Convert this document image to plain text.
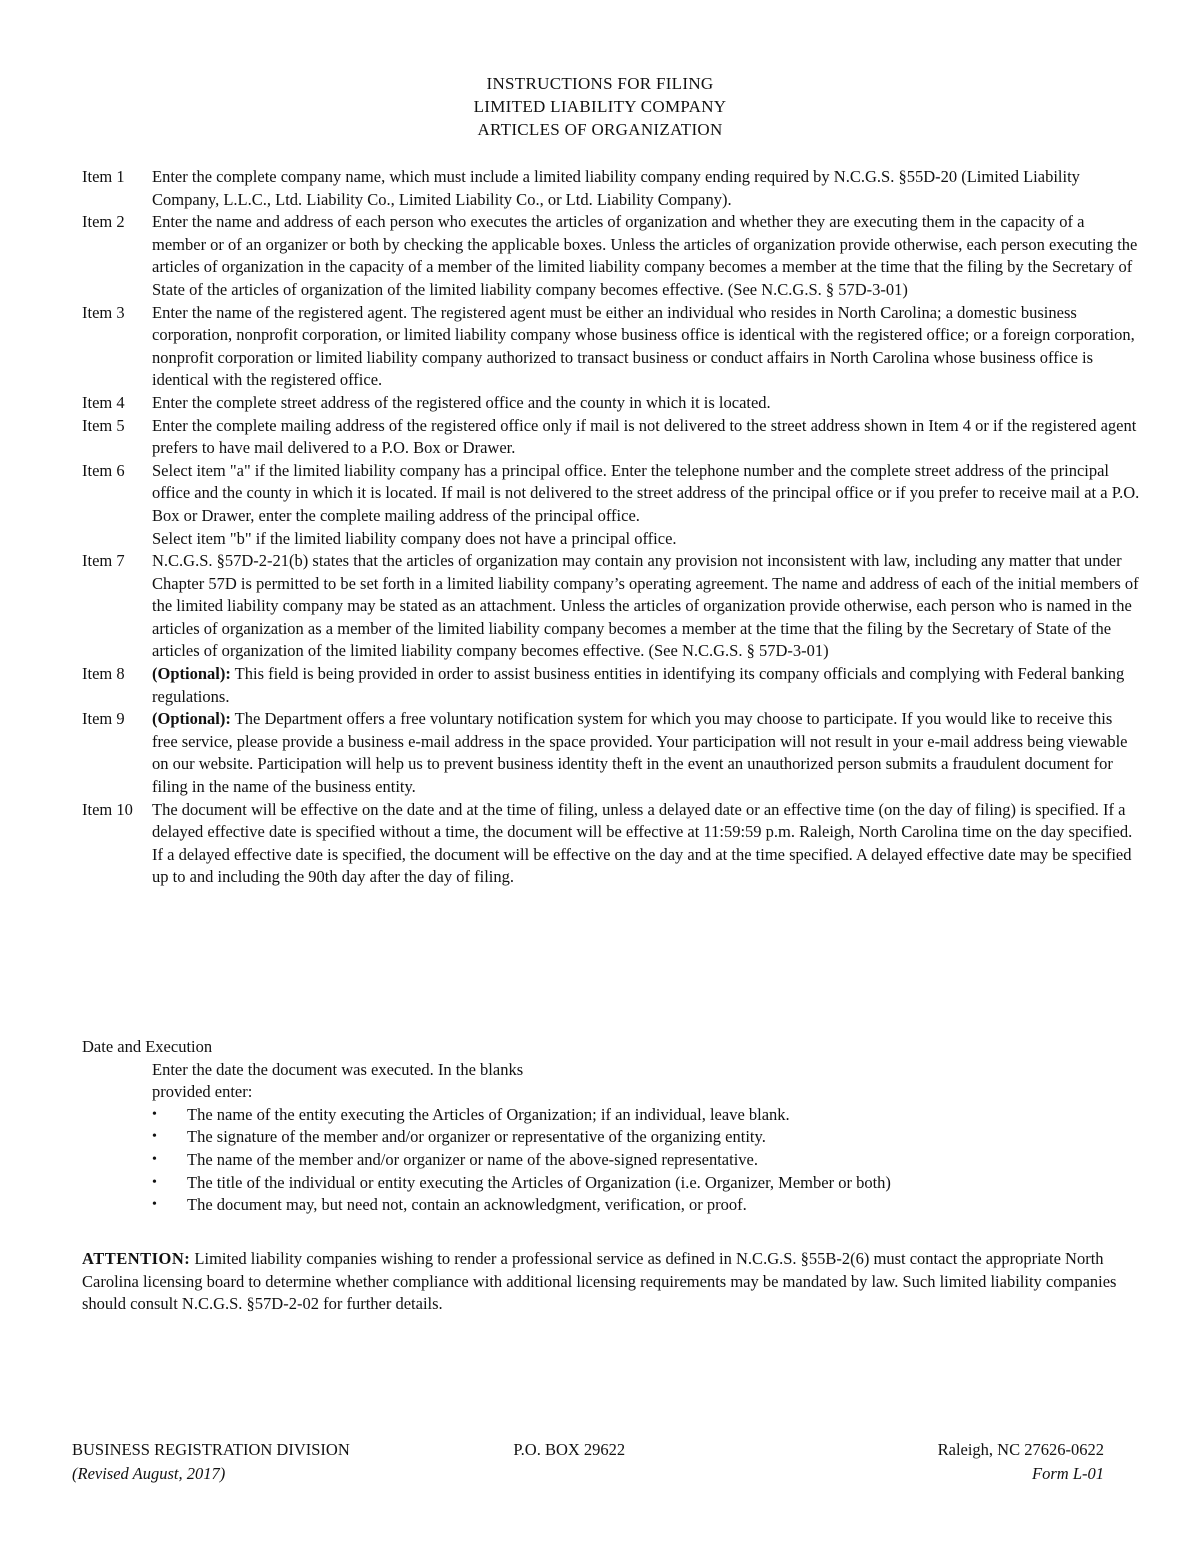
INSTRUCTIONS FOR FILING
LIMITED LIABILITY COMPANY
ARTICLES OF ORGANIZATION
Item 1	Enter the complete company name, which must include a limited liability company ending required by N.C.G.S. §55D-20 (Limited Liability Company, L.L.C., Ltd. Liability Co., Limited Liability Co., or Ltd. Liability Company).

Item 2	Enter the name and address of each person who executes the articles of organization and whether they are executing them in the capacity of a member or of an organizer or both by checking the applicable boxes. Unless the articles of organization provide otherwise, each person executing the articles of organization in the capacity of a member of the limited liability company becomes a member at the time that the filing by the Secretary of State of the articles of organization of the limited liability company becomes effective. (See N.C.G.S. § 57D-3-01)

Item 3	Enter the name of the registered agent. The registered agent must be either an individual who resides in North Carolina; a domestic business corporation, nonprofit corporation, or limited liability company whose business office is identical with the registered office; or a foreign corporation, nonprofit corporation or limited liability company authorized to transact business or conduct affairs in North Carolina whose business office is identical with the registered office.

Item 4	Enter the complete street address of the registered office and the county in which it is located.

Item 5	Enter the complete mailing address of the registered office only if mail is not delivered to the street address shown in Item 4 or if the registered agent prefers to have mail delivered to a P.O. Box or Drawer.

Item 6	Select item "a" if the limited liability company has a principal office. Enter the telephone number and the complete street address of the principal office and the county in which it is located. If mail is not delivered to the street address of the principal office or if you prefer to receive mail at a P.O. Box or Drawer, enter the complete mailing address of the principal office.

Select item "b" if the limited liability company does not have a principal office.

Item 7	N.C.G.S. §57D-2-21(b) states that the articles of organization may contain any provision not inconsistent with law, including any matter that under Chapter 57D is permitted to be set forth in a limited liability company’s operating agreement. The name and address of each of the initial members of the limited liability company may be stated as an attachment. Unless the articles of organization provide otherwise, each person who is named in the articles of organization as a member of the limited liability company becomes a member at the time that the filing by the Secretary of State of the articles of organization of the limited liability company becomes effective. (See N.C.G.S. § 57D-3-01)

Item 8	(Optional): This field is being provided in order to assist business entities in identifying its company officials and complying with Federal banking regulations.

Item 9	(Optional): The Department offers a free voluntary notification system for which you may choose to participate. If you would like to receive this free service, please provide a business e-mail address in the space provided. Your participation will not result in your e-mail address being viewable on our website. Participation will help us to prevent business identity theft in the event an unauthorized person submits a fraudulent document for filing in the name of the business entity.

Item 10	The document will be effective on the date and at the time of filing, unless a delayed date or an effective time (on the day of filing) is specified. If a delayed effective date is specified without a time, the document will be effective at 11:59:59 p.m. Raleigh, North Carolina time on the day specified. If a delayed effective date is specified, the document will be effective on the day and at the time specified. A delayed effective date may be specified up to and including the 90th day after the day of filing.

Date and Execution

Enter the date the document was executed. In the blanks provided enter:

•	The name of the entity executing the Articles of Organization; if an individual, leave blank.
•	The signature of the member and/or organizer or representative of the organizing entity.
•	The name of the member and/or organizer or name of the above-signed representative.
•	The title of the individual or entity executing the Articles of Organization (i.e. Organizer, Member or both)
•	The document may, but need not, contain an acknowledgment, verification, or proof.

ATTENTION: Limited liability companies wishing to render a professional service as defined in N.C.G.S. §55B-2(6) must contact the appropriate North Carolina licensing board to determine whether compliance with additional licensing requirements may be mandated by law. Such limited liability companies should consult N.C.G.S. §57D-2-02 for further details.

BUSINESS REGISTRATION DIVISION	P.O. BOX 29622	Raleigh, NC 27626-0622
(Revised August, 2017)	Form L-01
